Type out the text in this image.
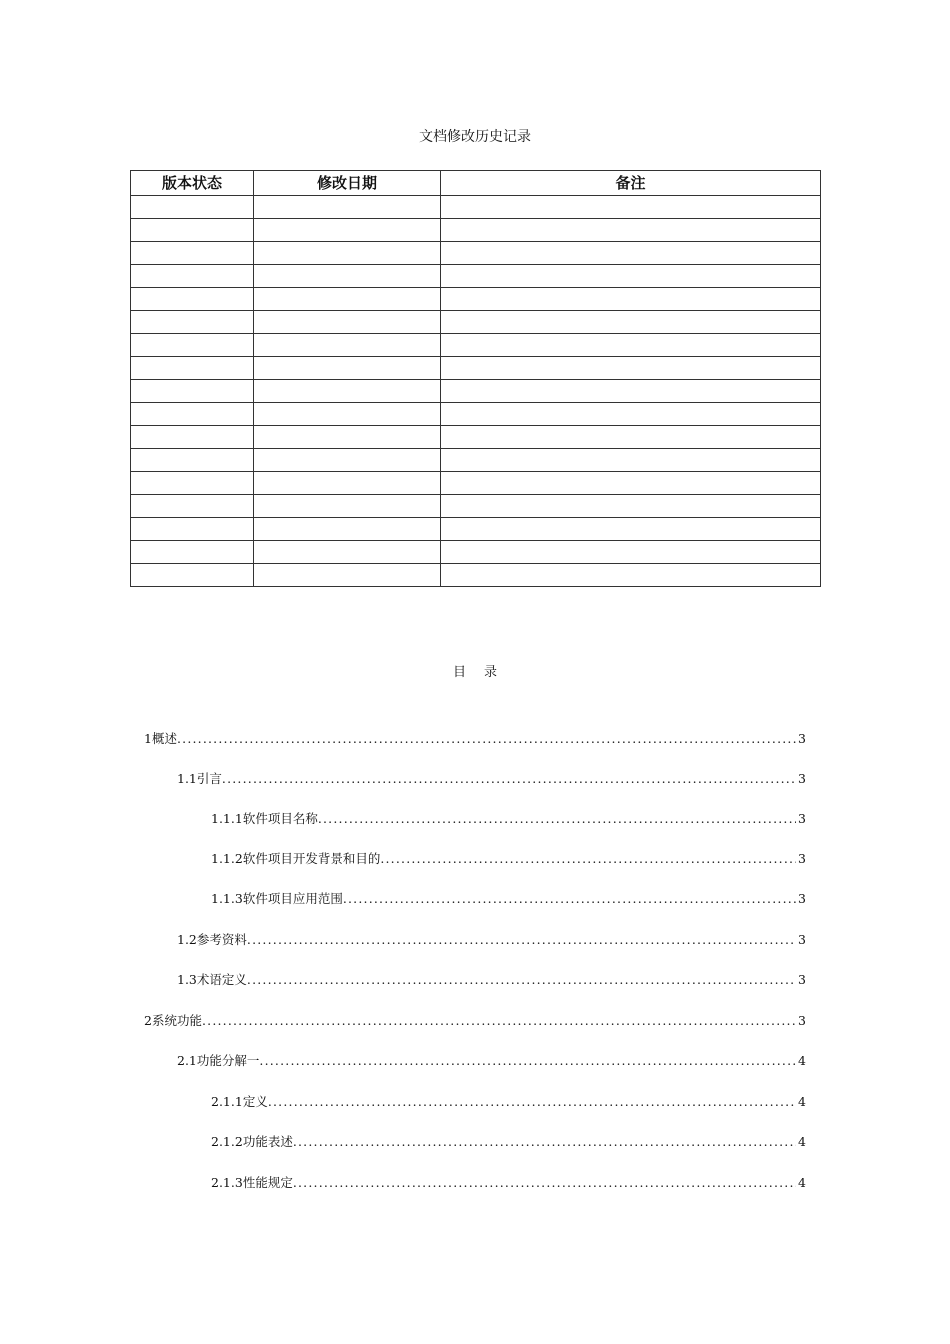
文档修改历史记录
版本状态	修改日期	备注

目 录
1 概述 .....	3
1.1 引言 .....	3
1.1.1 软件项目名称 .....	3
1.1.2 软件项目开发背景和目的 .....	3
1.1.3 软件项目应用范围 .....	3
1.2 参考资料 .....	3
1.3 术语定义 .....	3
2 系统功能 .....	3
2.1 功能分解一 .....	4
2.1.1 定义 .....	4
2.1.2 功能表述 .....	4
2.1.3 性能规定 .....	4
